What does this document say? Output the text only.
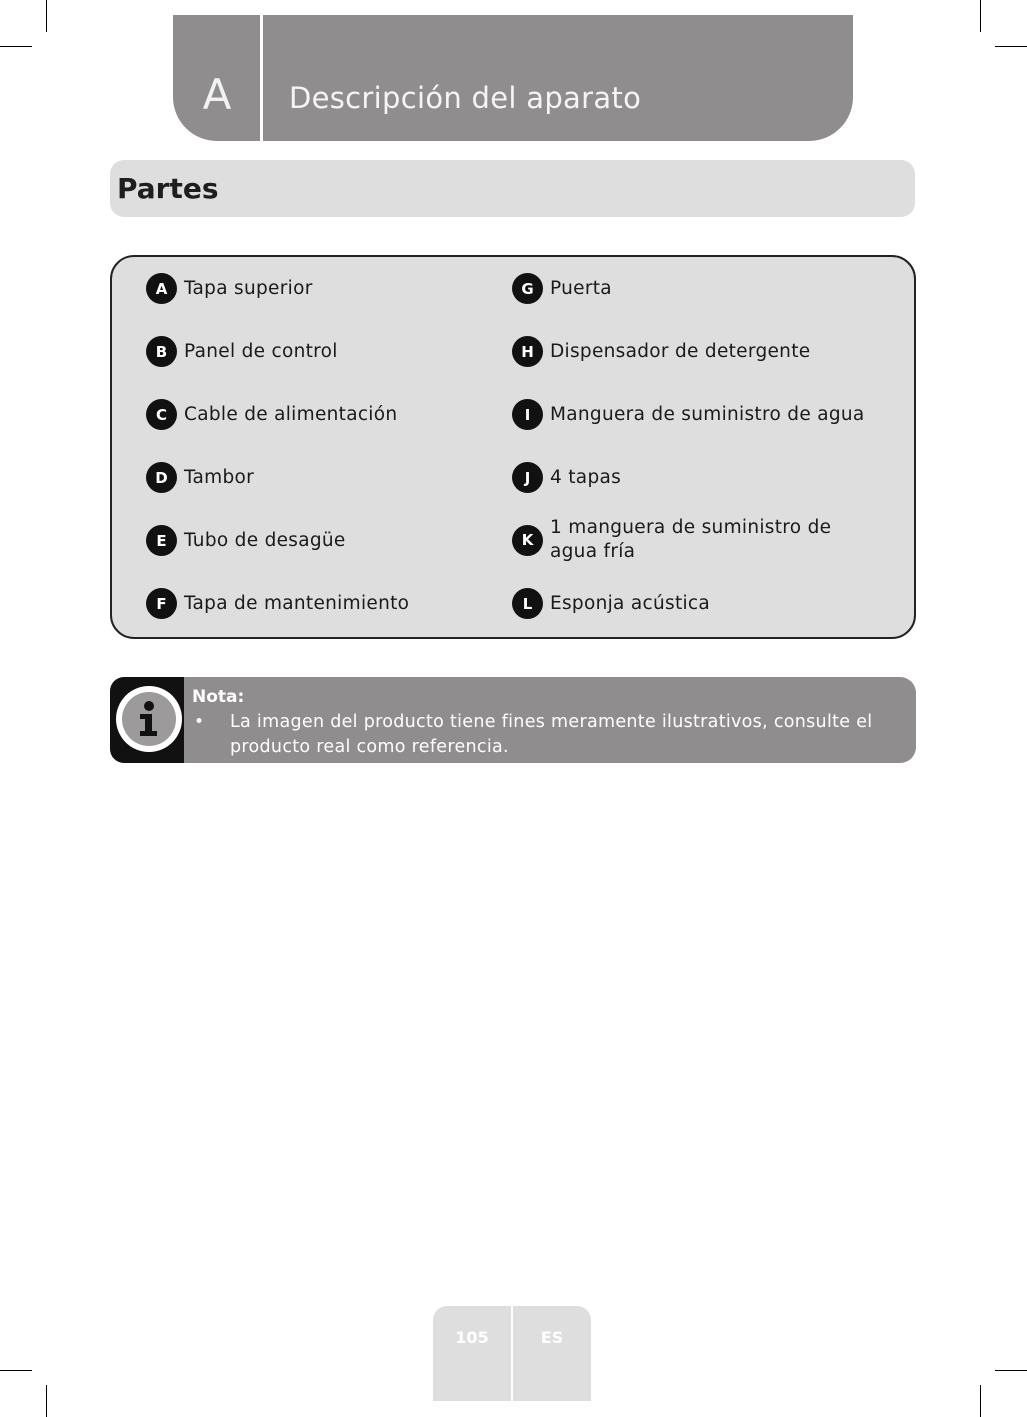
A Descripción del aparato
Partes
A Tapa superior
B Panel de control
C Cable de alimentación
D Tambor
E Tubo de desagüe
F Tapa de mantenimiento
G Puerta
H Dispensador de detergente
I	Manguera de suministro de agua
J	4 tapas
K
1 manguera de suministro de agua fría
L Esponja acústica
Nota:
• La imagen del producto tiene fines meramente ilustrativos, consulte el producto real como referencia.
105	ES
